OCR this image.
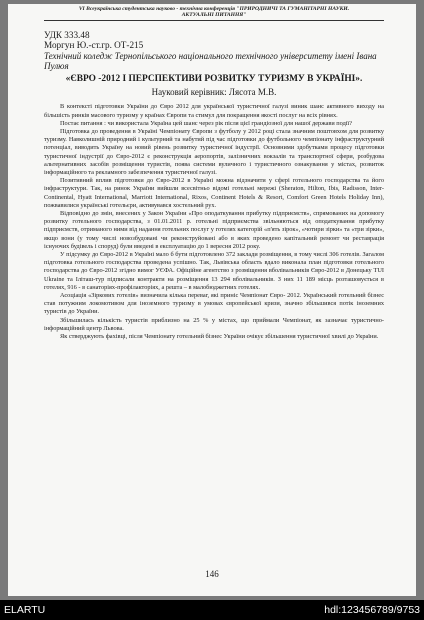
VI Всеукраїнська студентська науково - технічна конференція "ПРИРОДНИЧІ ТА ГУМАНІТАРНІ НАУКИ. АКТУАЛЬНІ ПИТАННЯ"
УДК 333.48
Моргун Ю.-ст.гр. ОТ-215
Технічний коледж Тернопільського національного технічного університету імені Івана Пулюя
«ЄВРО -2012 І ПЕРСПЕКТИВИ РОЗВИТКУ ТУРИЗМУ В УКРАЇНІ».
Науковий керівник: Лясота М.В.

В контексті підготовки України до Євро 2012 для української туристичної галузі виник шанс активного виходу на більшість ринків масового туризму у країнах Європи та стимул для покращення якості послуг на всіх рівнях.

Постає питання : чи використала Україна цей шанс через рік після цієї грандіозної для нашої держави події?

Підготовка до проведення в Україні Чемпіонату Європи з футболу у 2012 році стала значним поштовхом для розвитку туризму. Навколишній природний і культурний та набутий під час підготовки до футбольного чемпіонату інфраструктурний потенціал, виводить Україну на новий рівень розвитку туристичної індустрії. Основними здобутками процесу підготовки туристичної індустрії до Євро-2012 є реконструкція аеропортів, залізничних вокзалів та транспортної сфери, розбудова альтернативних засобів розміщення туристів, поява системи вуличного і туристичного ознакування у містах, розвиток інформаційного та рекламного забезпечення туристичної галузі.

Позитивний вплив підготовки до Євро-2012 в Україні можна відзначити у сфері готельного господарства та його інфраструктури. Так, на ринок України вийшли всесвітньо відомі готельні мережі (Sheraton, Hilton, Ibis, Radisson, Inter-Continental, Hyatt International, Marriott International, Rixos, Continent Hotels & Resort, Comfort Green Hotels Holiday Inn), пожвавилися українські готельєри, активувався хостельний рух.

Відповідно до змін, внесених у Закон України «Про оподаткування прибутку підприємств», спрямованих на допомогу розвитку готельного господарства, з 01.01.2011 р. готельні підприємства звільняються від оподаткування прибутку підприємств, отриманого ними від надання готельних послуг у готелях категорій «п'ять зірок», «чотири зірки» та «три зірки», якщо вони (у тому числі новозбудовані чи реконструйовані або в яких проведено капітальний ремонт чи реставрація існуючих будівель і споруд) були введені в експлуатацію до 1 вересня 2012 року.

У підсумку до Євро-2012 в Україні мало б бути підготовлено 372 заклади розміщення, в тому числі 306 готелів. Загалом підготовка готельного господарства проведена успішно. Так, Львівська область вдало виконала план підготовки готельного господарства до Євро-2012 згідно вимог УЄФА. Офіційне агентство з розміщення вболівальників Євро-2012 в Донецьку TUI Ukraine та Іліташ-тур підписали контракти на розміщення 13 294 вболівальників. З них 11 189 місць розташовується в готелях, 916 - в санаторіях-профілакторіях, а решта – в малобюджетних готелях.

Асоціація «Зіркових готелів» визначила кілька переваг, які приніс Чемпіонат Євро- 2012. Український готельний бізнес став потужним локомотивом для іноземного туризму в умовах європейської кризи, значно збільшився потік іноземних туристів до України.

Збільшилась кількість туристів приблизно на 25 % у містах, що приймали Чемпіонат, як зазначає туристично-інформаційний центр Львова.

Як стверджують фахівці, після Чемпіонату готельний бізнес України очікує збільшення туристичної хвилі до України.

146
ELARTU	hdl:123456789/9753
